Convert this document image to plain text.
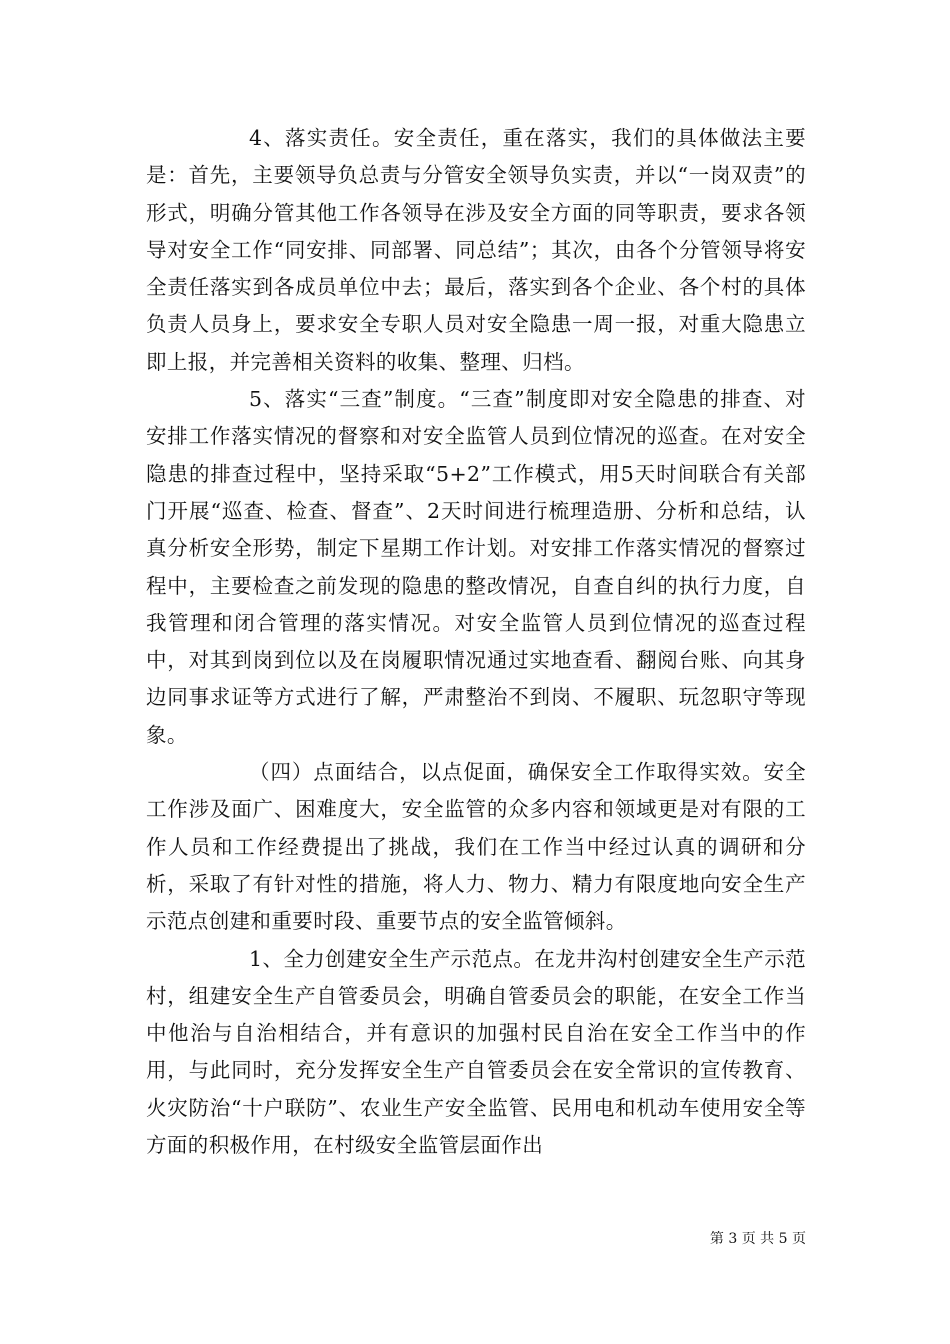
4、落实责任。安全责任，重在落实，我们的具体做法主要是：首先，主要领导负总责与分管安全领导负实责，并以“一岗双责”的形式，明确分管其他工作各领导在涉及安全方面的同等职责，要求各领导对安全工作“同安排、同部署、同总结”；其次，由各个分管领导将安全责任落实到各成员单位中去；最后，落实到各个企业、各个村的具体负责人员身上，要求安全专职人员对安全隐患一周一报，对重大隐患立即上报，并完善相关资料的收集、整理、归档。

5、落实“三查”制度。“三查”制度即对安全隐患的排查、对安排工作落实情况的督察和对安全监管人员到位情况的巡查。在对安全隐患的排查过程中，坚持采取“5+2”工作模式，用5天时间联合有关部门开展“巡查、检查、督查”、2天时间进行梳理造册、分析和总结，认真分析安全形势，制定下星期工作计划。对安排工作落实情况的督察过程中，主要检查之前发现的隐患的整改情况，自查自纠的执行力度，自我管理和闭合管理的落实情况。对安全监管人员到位情况的巡查过程中，对其到岗到位以及在岗履职情况通过实地查看、翻阅台账、向其身边同事求证等方式进行了解，严肃整治不到岗、不履职、玩忽职守等现象。

（四）点面结合，以点促面，确保安全工作取得实效。安全工作涉及面广、困难度大，安全监管的众多内容和领域更是对有限的工作人员和工作经费提出了挑战，我们在工作当中经过认真的调研和分析，采取了有针对性的措施，将人力、物力、精力有限度地向安全生产示范点创建和重要时段、重要节点的安全监管倾斜。

1、全力创建安全生产示范点。在龙井沟村创建安全生产示范村，组建安全生产自管委员会，明确自管委员会的职能，在安全工作当中他治与自治相结合，并有意识的加强村民自治在安全工作当中的作用，与此同时，充分发挥安全生产自管委员会在安全常识的宣传教育、火灾防治“十户联防”、农业生产安全监管、民用电和机动车使用安全等方面的积极作用，在村级安全监管层面作出

第 3 页 共 5 页
